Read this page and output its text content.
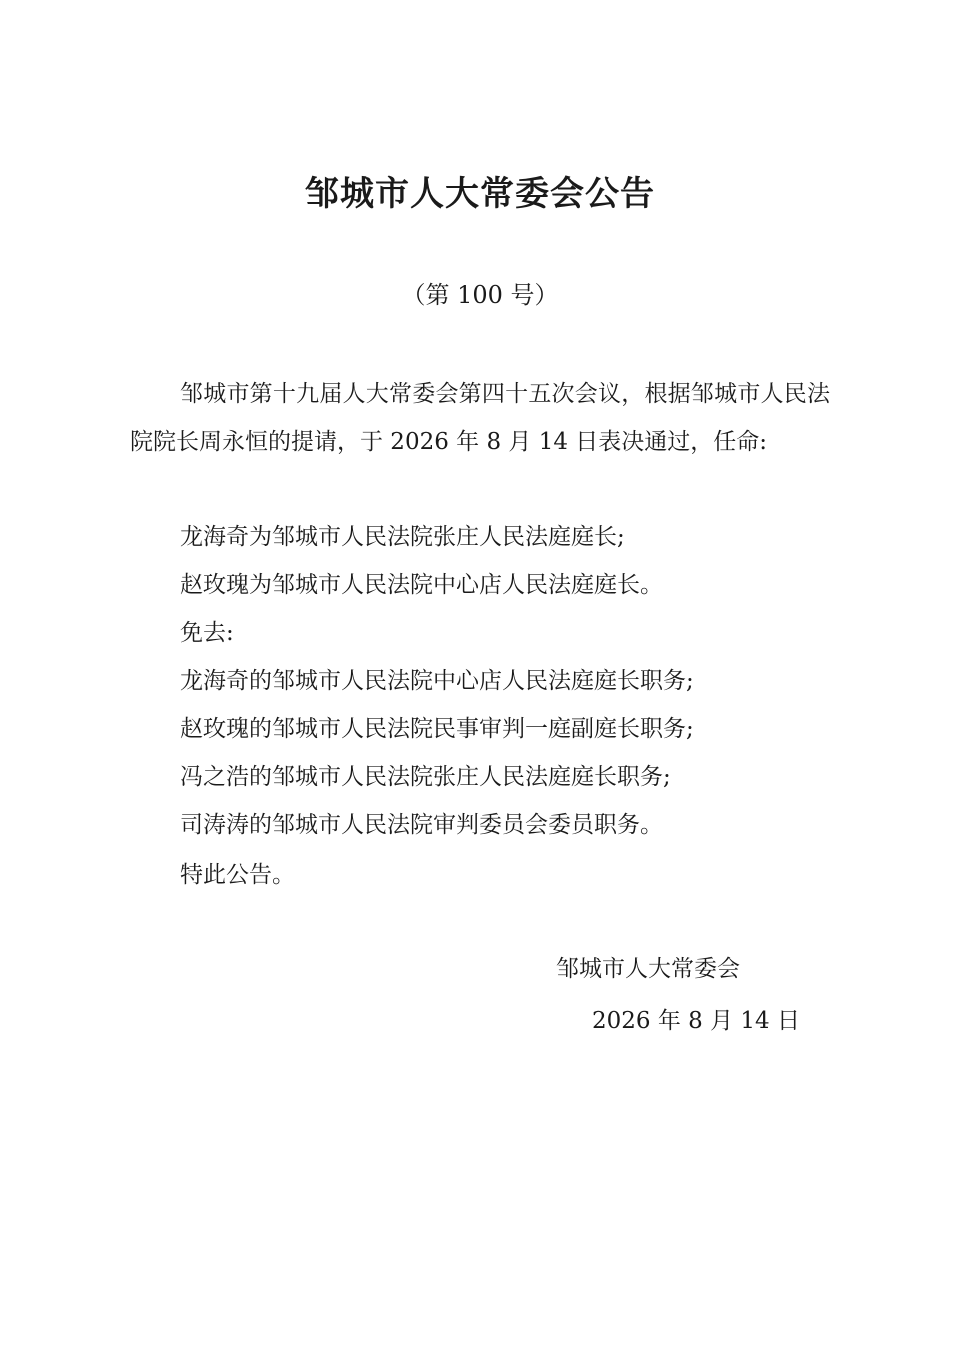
邹城市人大常委会公告
（第 100 号）
邹城市第十九届人大常委会第四十五次会议，根据邹城市人民法院院长周永恒的提请，于 2026 年 8 月 14 日表决通过，任命:
龙海奇为邹城市人民法院张庄人民法庭庭长;
赵玫瑰为邹城市人民法院中心店人民法庭庭长。
免去:
龙海奇的邹城市人民法院中心店人民法庭庭长职务;
赵玫瑰的邹城市人民法院民事审判一庭副庭长职务;
冯之浩的邹城市人民法院张庄人民法庭庭长职务;
司涛涛的邹城市人民法院审判委员会委员职务。
特此公告。
邹城市人大常委会
2026 年 8 月 14 日
